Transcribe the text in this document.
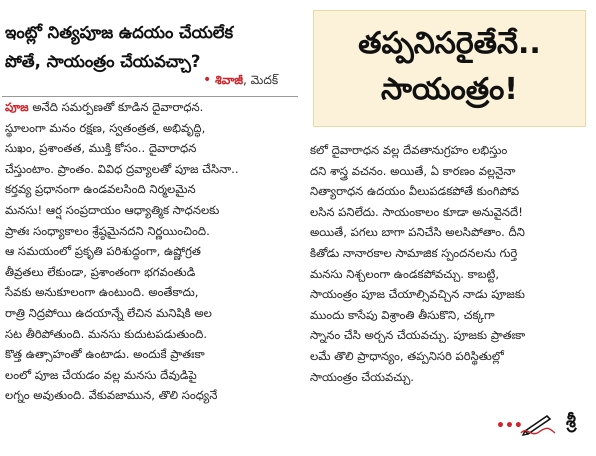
ఇంట్లో నిత్యపూజ ఉదయం చేయలేక
పోతే, సాయంత్రం చేయవచ్చా?
• శివాజీ, మెదక్
తప్పనిసరైతేనే..
సాయంత్రం!
పూజ అనేది సమర్పణతో కూడిన దైవారాధన.
స్థూలంగా మనం రక్షణ, స్వతంత్రత, అభివృద్ధి,
సుఖం, ప్రశాంతత, ముక్తి కోసం.. దైవారాధన
చేస్తుంటాం. ప్రాంతం. వివిధ ద్రవ్యాలతో పూజ చేసినా..
కర్తవ్య ప్రధానంగా ఉండవలసింది నిర్మలమైన
మనసు! ఆర్ష సంప్రదాయం ఆధ్యాత్మిక సాధనలకు
ప్రాతః సంధ్యాకాలం శ్రేష్ఠమైనదని నిర్ణయించింది.
ఆ సమయంలో ప్రకృతి పరిశుద్ధంగా, ఉష్ణోగ్రత
తీవ్రతలు లేకుండా, ప్రశాంతంగా భగవంతుడి
సేవకు అనుకూలంగా ఉంటుంది. అంతేకాదు,
రాత్రి నిద్రపోయి ఉదయాన్నే లేచిన మనిషికి అల
సట తీరిపోతుంది. మనసు కుదుటపడుతుంది.
కొత్త ఉత్సాహంతో ఉంటాడు. అందుకే ప్రాతఃకా
లంలో పూజ చేయడం వల్ల మనసు దేవుడిపై
లగ్నం అవుతుంది. వేకువజామున, తొలి సంధ్యనే
కలో దైవారాధన వల్ల దేవతానుగ్రహం లభిస్తుం
దని శాస్త్ర వచనం. అయితే, ఏ కారణం వల్లనైనా
నిత్యారాధన ఉదయం వీలుపడకపోతే కుంగిపోవ
లసిన పనిలేదు. సాయంకాలం కూడా అనువైనదే!
అయితే, పగలు బాగా పనిచేసి అలసిపోతాం. దీని
కితోడు నానారకాల సామాజిక స్పందనలను గుర్తె
మనసు నిశ్చలంగా ఉండకపోవచ్చు. కాబట్టి,
సాయంత్రం పూజ చేయాల్సివచ్చిన నాడు పూజకు
ముందు కాసేపు విశ్రాంతి తీసుకొని, చక్కగా
స్నానం చేసి అర్చన చేయవచ్చు. పూజకు ప్రాతఃకా
లమే తొలి ప్రాధాన్యం, తప్పనిసరి పరిస్థితుల్లో
సాయంత్రం చేయవచ్చు.
••• శ్రీ
